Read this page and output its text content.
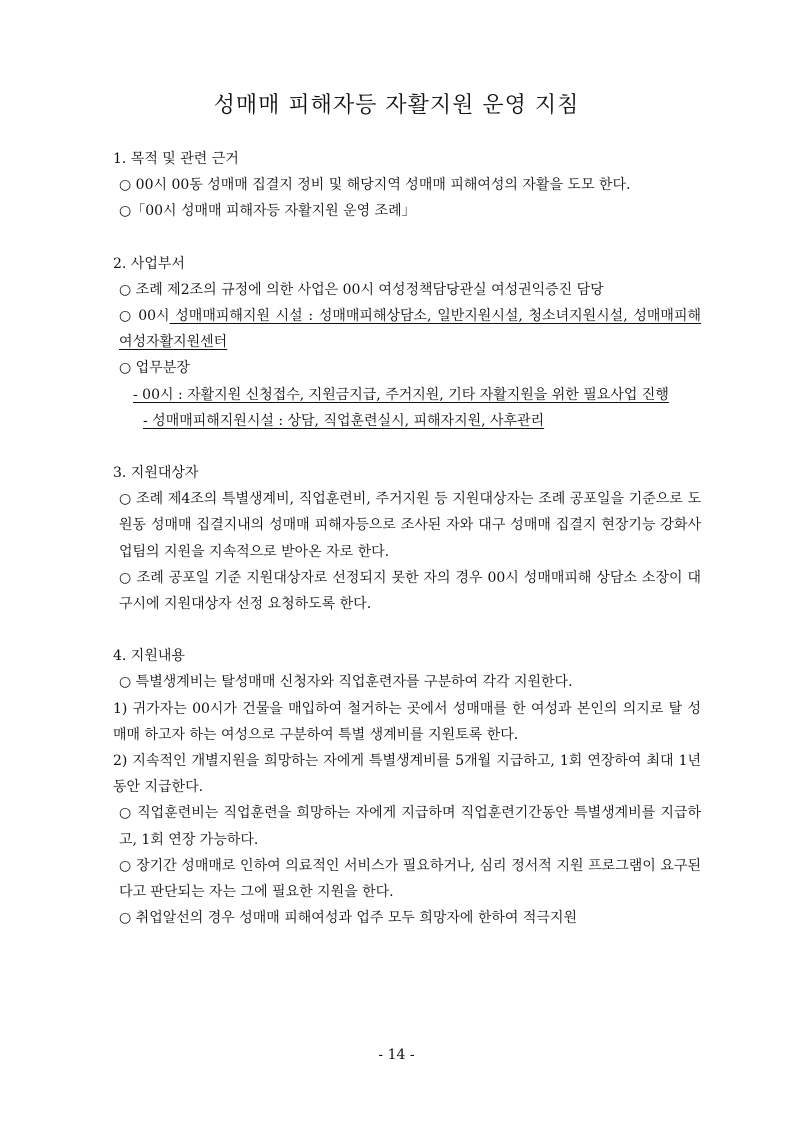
성매매 피해자등 자활지원 운영 지침

1. 목적 및 관련 근거

○ 00시 00동 성매매 집결지 정비 및 해당지역 성매매 피해여성의 자활을 도모 한다.

○「00시 성매매 피해자등 자활지원 운영 조례」

2. 사업부서

○ 조례 제2조의 규정에 의한 사업은 00시 여성정책담당관실 여성권익증진 담당

○ 00시 성매매피해지원 시설 : 성매매피해상담소, 일반지원시설, 청소녀지원시설, 성매매피해여성자활지원센터

○ 업무분장

- 00시 : 자활지원 신청접수, 지원금지급, 주거지원, 기타 자활지원을 위한 필요사업 진행

- 성매매피해지원시설 : 상담, 직업훈련실시, 피해자지원, 사후관리

3. 지원대상자

○ 조례 제4조의 특별생계비, 직업훈련비, 주거지원 등 지원대상자는 조례 공포일을 기준으로 도원동 성매매 집결지내의 성매매 피해자등으로 조사된 자와 대구 성매매 집결지 현장기능 강화사업팀의 지원을 지속적으로 받아온 자로 한다.

○ 조례 공포일 기준 지원대상자로 선정되지 못한 자의 경우 00시 성매매피해 상담소 소장이 대구시에 지원대상자 선정 요청하도록 한다.

4. 지원내용

○ 특별생계비는 탈성매매 신청자와 직업훈련자를 구분하여 각각 지원한다.

1) 귀가자는 00시가 건물을 매입하여 철거하는 곳에서 성매매를 한 여성과 본인의 의지로 탈 성매매 하고자 하는 여성으로 구분하여 특별 생계비를 지원토록 한다.

2) 지속적인 개별지원을 희망하는 자에게 특별생계비를 5개월 지급하고, 1회 연장하여 최대 1년 동안 지급한다.

○ 직업훈련비는 직업훈련을 희망하는 자에게 지급하며 직업훈련기간동안 특별생계비를 지급하고, 1회 연장 가능하다.

○ 장기간 성매매로 인하여 의료적인 서비스가 필요하거나, 심리 정서적 지원 프로그램이 요구된다고 판단되는 자는 그에 필요한 지원을 한다.

○ 취업알선의 경우 성매매 피해여성과 업주 모두 희망자에 한하여 적극지원

- 14 -
